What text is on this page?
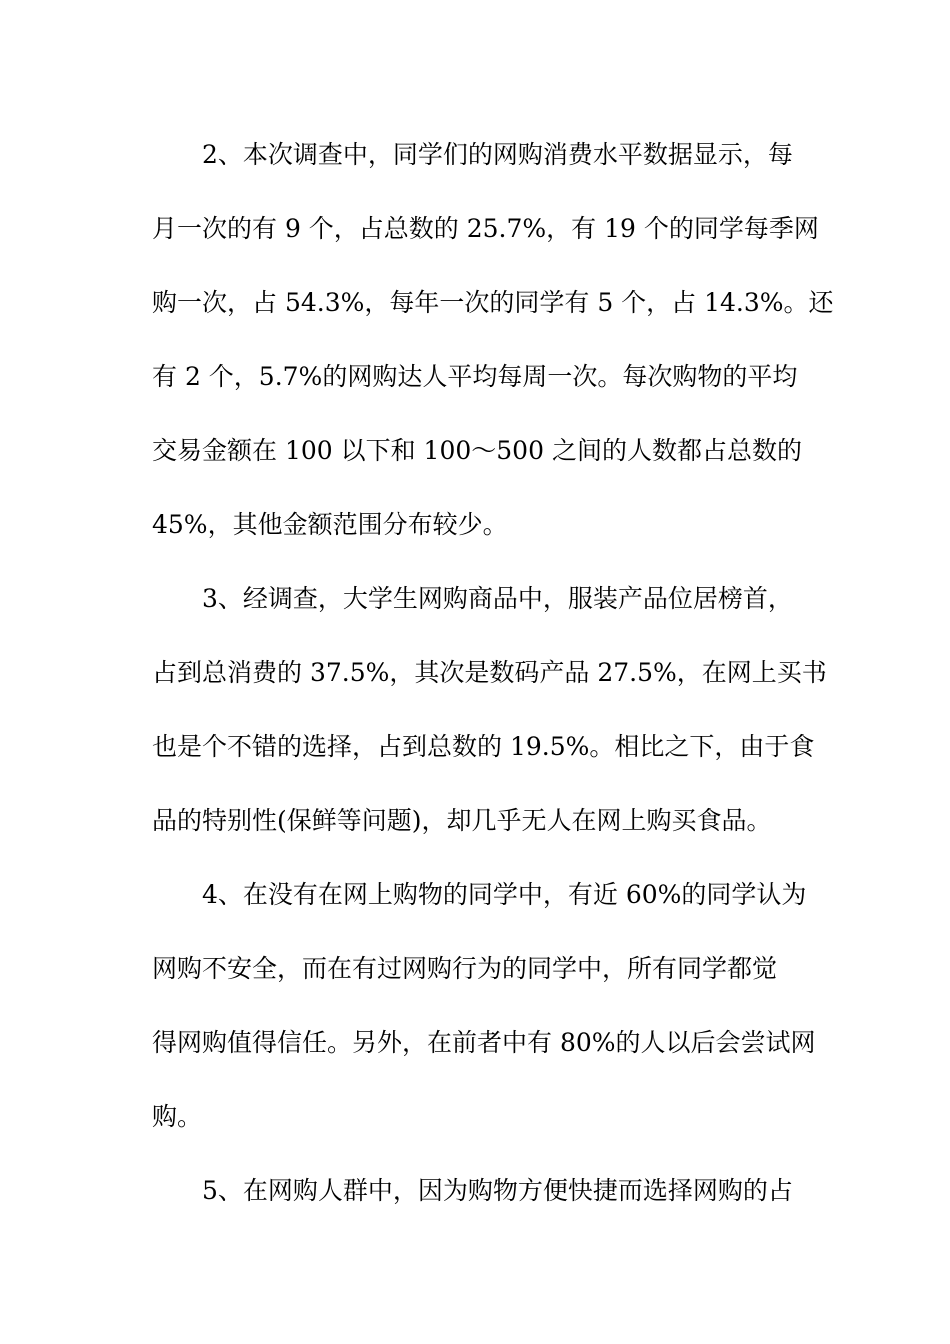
2、本次调查中，同学们的网购消费水平数据显示，每
月一次的有 9 个，占总数的 25.7%，有 19 个的同学每季网
购一次，占 54.3%，每年一次的同学有 5 个，占 14.3%。还
有 2 个，5.7%的网购达人平均每周一次。每次购物的平均
交易金额在 100 以下和 100～500 之间的人数都占总数的
45%，其他金额范围分布较少。
3、经调查，大学生网购商品中，服装产品位居榜首，
占到总消费的 37.5%，其次是数码产品 27.5%，在网上买书
也是个不错的选择，占到总数的 19.5%。相比之下，由于食
品的特别性(保鲜等问题)，却几乎无人在网上购买食品。
4、在没有在网上购物的同学中，有近 60%的同学认为
网购不安全，而在有过网购行为的同学中，所有同学都觉
得网购值得信任。另外，在前者中有 80%的人以后会尝试网
购。
5、在网购人群中，因为购物方便快捷而选择网购的占
